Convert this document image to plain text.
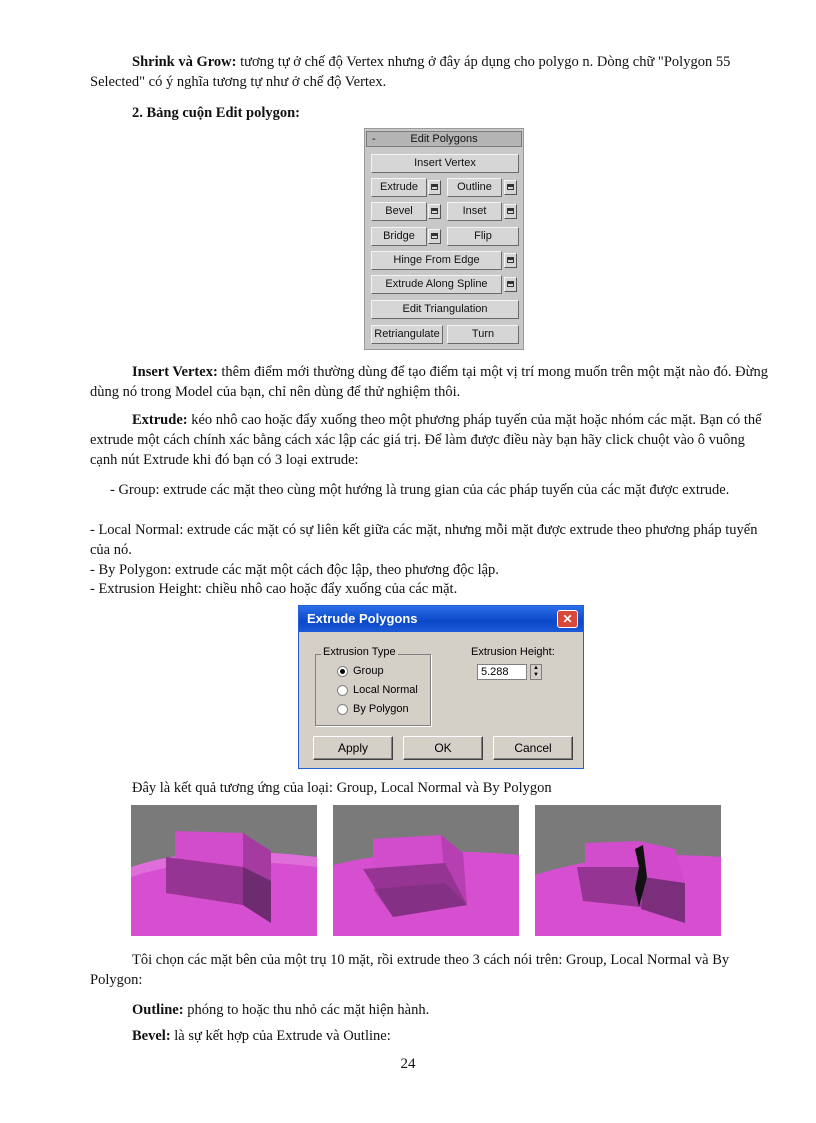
Shrink và Grow: tương tự ở chế độ Vertex nhưng ở đây áp dụng cho polygo n. Dòng chữ "Polygon 55 Selected" có ý nghĩa tương tự như ở chế độ Vertex.

2. Bảng cuộn Edit polygon:

-	Edit Polygons
Insert Vertex
Extrude	Outline
Bevel	Inset
Bridge	Flip
Hinge From Edge
Extrude Along Spline
Edit Triangulation
Retriangulate	Turn

Insert Vertex: thêm điểm mới thường dùng để tạo điểm tại một vị trí mong muốn trên một mặt nào đó. Đừng dùng nó trong Model của bạn, chỉ nên dùng để thử nghiệm thôi.

Extrude: kéo nhô cao hoặc đẩy xuống theo một phương pháp tuyến của mặt hoặc nhóm các mặt. Bạn có thể extrude một cách chính xác bằng cách xác lập các giá trị. Để làm được điều này bạn hãy click chuột vào ô vuông cạnh nút Extrude khi đó bạn có 3 loại extrude:

- Group: extrude các mặt theo cùng một hướng là trung gian của các pháp tuyến của các mặt được extrude.

- Local Normal: extrude các mặt có sự liên kết giữa các mặt, nhưng mỗi mặt được extrude theo phương pháp tuyến của nó.

- By Polygon: extrude các mặt một cách độc lập, theo phương độc lập.

- Extrusion Height: chiều nhô cao hoặc đẩy xuống của các mặt.

Extrude Polygons	✕
Extrusion Type
Group
Local Normal
By Polygon
Extrusion Height:
5.288	▲
▼
Apply	OK	Cancel

Đây là kết quả tương ứng của loại: Group, Local Normal và By Polygon

Tôi chọn các mặt bên của một trụ 10 mặt, rồi extrude theo 3 cách nói trên: Group, Local Normal và By Polygon:

Outline: phóng to hoặc thu nhỏ các mặt hiện hành.

Bevel: là sự kết hợp của Extrude và Outline:

24
